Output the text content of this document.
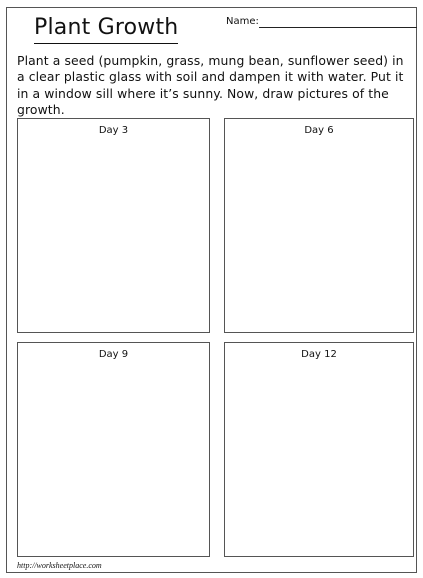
Plant Growth	Name:

Plant a seed (pumpkin, grass, mung bean, sunflower seed) in a clear plastic glass with soil and dampen it with water. Put it in a window sill where it’s sunny. Now, draw pictures of the growth.

Day 3	Day 6
Day 9	Day 12
http://worksheetplace.com
